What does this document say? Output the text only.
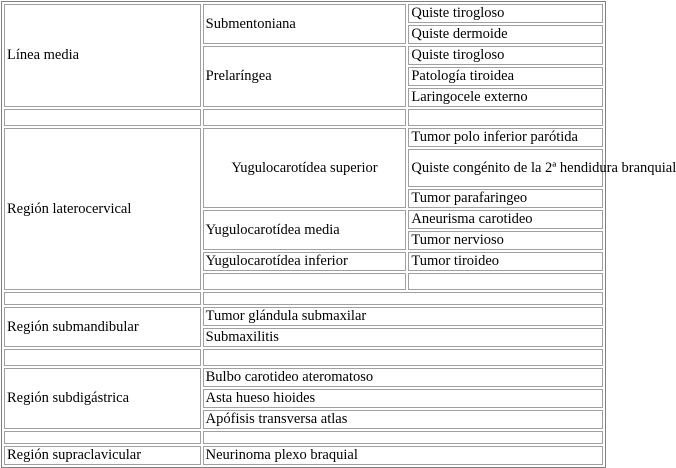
Línea media	Submentoniana	Quiste tirogloso
		Quiste dermoide
	Prelaríngea	Quiste tirogloso
		Patología tiroidea
		Laringocele externo

Región laterocervical	Yugulocarotídea superior	Tumor polo inferior parótida
		Quiste congénito de la 2ª hendidura branquial
		Tumor parafaringeo
	Yugulocarotídea media	Aneurisma carotideo
		Tumor nervioso
	Yugulocarotídea inferior	Tumor tiroideo

Región submandibular	Tumor glándula submaxilar	
	Submaxilitis	

Región subdigástrica	Bulbo carotideo ateromatoso	
	Asta hueso hioides	
	Apófisis transversa atlas	

Región supraclavicular	Neurinoma plexo braquial	
